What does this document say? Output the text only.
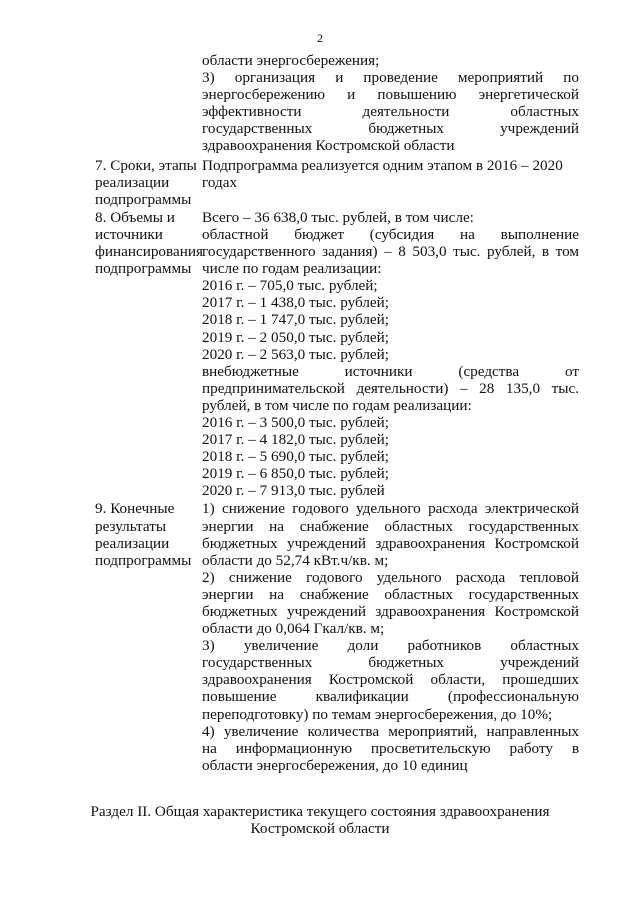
2
области энергосбережения;
3) организация и проведение мероприятий по
энергосбережению и повышению энергетической
эффективности деятельности областных
государственных бюджетных учреждений
здравоохранения Костромской области
7. Сроки, этапы
реализации
подпрограммы
Подпрограмма реализуется одним этапом в 2016 – 2020
годах
8. Объемы и
источники
финансирования
подпрограммы
Всего – 36 638,0 тыс. рублей, в том числе:
областной бюджет (субсидия на выполнение
государственного задания) – 8 503,0 тыс. рублей, в том
числе по годам реализации:
2016 г. – 705,0 тыс. рублей;
2017 г. – 1 438,0 тыс. рублей;
2018 г. – 1 747,0 тыс. рублей;
2019 г. – 2 050,0 тыс. рублей;
2020 г. – 2 563,0 тыс. рублей;
внебюджетные источники (средства от
предпринимательской деятельности) – 28 135,0 тыс.
рублей, в том числе по годам реализации:
2016 г. – 3 500,0 тыс. рублей;
2017 г. – 4 182,0 тыс. рублей;
2018 г. – 5 690,0 тыс. рублей;
2019 г. – 6 850,0 тыс. рублей;
2020 г. – 7 913,0 тыс. рублей
9. Конечные
результаты
реализации
подпрограммы
1) снижение годового удельного расхода электрической
энергии на снабжение областных государственных
бюджетных учреждений здравоохранения Костромской
области до 52,74 кВт.ч/кв. м;
2) снижение годового удельного расхода тепловой
энергии на снабжение областных государственных
бюджетных учреждений здравоохранения Костромской
области до 0,064 Гкал/кв. м;
3) увеличение доли работников областных
государственных бюджетных учреждений
здравоохранения Костромской области, прошедших
повышение квалификации (профессиональную
переподготовку) по темам энергосбережения, до 10%;
4) увеличение количества мероприятий, направленных
на информационную просветительскую работу в
области энергосбережения, до 10 единиц
Раздел II. Общая характеристика текущего состояния здравоохранения
Костромской области
